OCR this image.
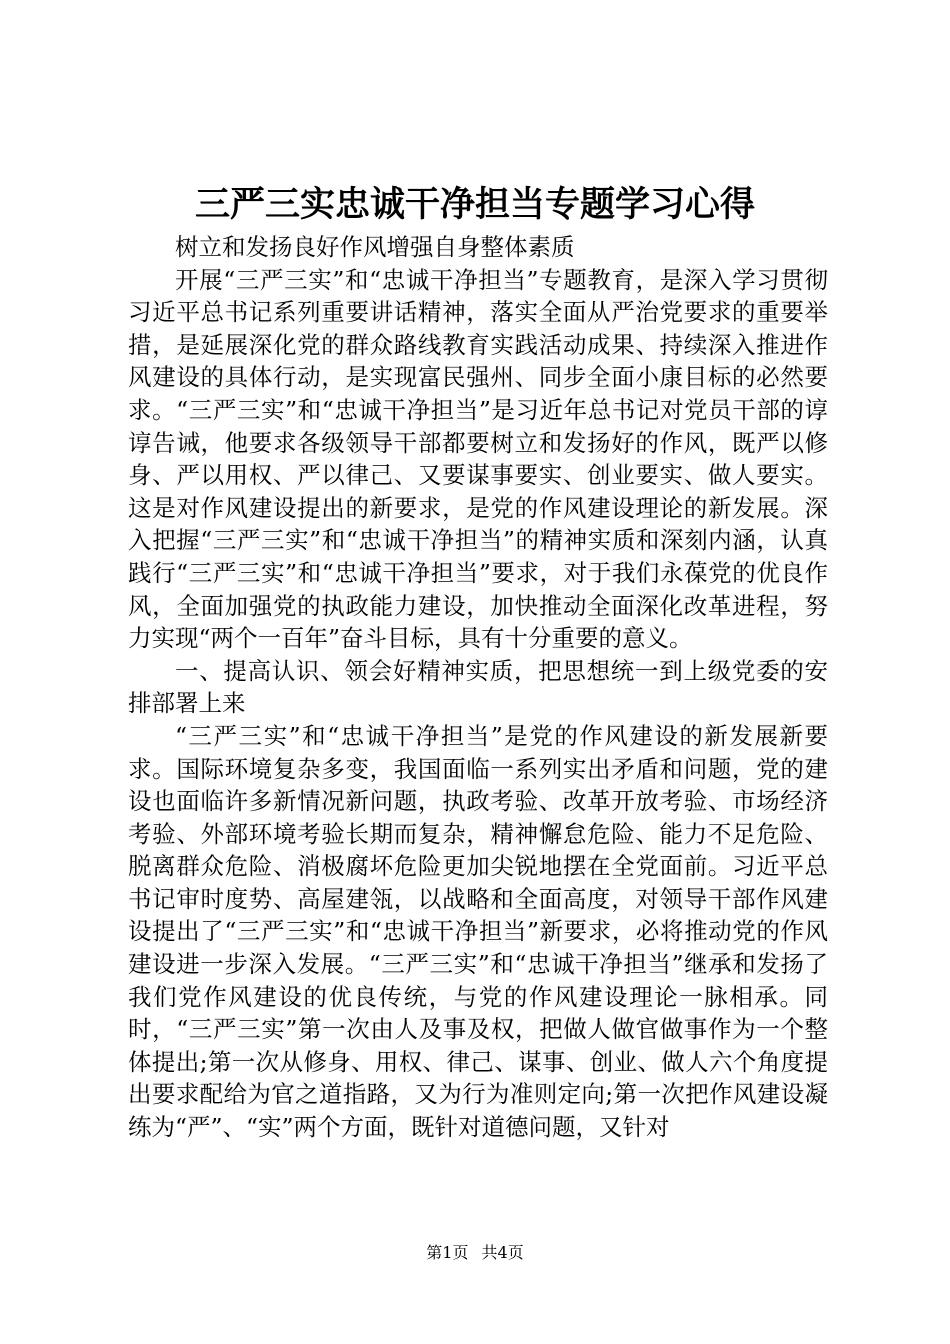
三严三实忠诚干净担当专题学习心得

树立和发扬良好作风增强自身整体素质

开展“三严三实”和“忠诚干净担当”专题教育，是深入学习贯彻习近平总书记系列重要讲话精神，落实全面从严治党要求的重要举措，是延展深化党的群众路线教育实践活动成果、持续深入推进作风建设的具体行动，是实现富民强州、同步全面小康目标的必然要求。“三严三实”和“忠诚干净担当”是习近年总书记对党员干部的谆谆告诫，他要求各级领导干部都要树立和发扬好的作风，既严以修身、严以用权、严以律己、又要谋事要实、创业要实、做人要实。这是对作风建设提出的新要求，是党的作风建设理论的新发展。深入把握“三严三实”和“忠诚干净担当”的精神实质和深刻内涵，认真践行“三严三实”和“忠诚干净担当”要求，对于我们永葆党的优良作风，全面加强党的执政能力建设，加快推动全面深化改革进程，努力实现“两个一百年”奋斗目标，具有十分重要的意义。

一、提高认识、领会好精神实质，把思想统一到上级党委的安排部署上来

“三严三实”和“忠诚干净担当”是党的作风建设的新发展新要求。国际环境复杂多变，我国面临一系列实出矛盾和问题，党的建设也面临许多新情况新问题，执政考验、改革开放考验、市场经济考验、外部环境考验长期而复杂，精神懈怠危险、能力不足危险、脱离群众危险、消极腐坏危险更加尖锐地摆在全党面前。习近平总书记审时度势、高屋建瓴，以战略和全面高度，对领导干部作风建设提出了“三严三实”和“忠诚干净担当”新要求，必将推动党的作风建设进一步深入发展。“三严三实”和“忠诚干净担当”继承和发扬了我们党作风建设的优良传统，与党的作风建设理论一脉相承。同时，“三严三实”第一次由人及事及权，把做人做官做事作为一个整体提出;第一次从修身、用权、律己、谋事、创业、做人六个角度提出要求配给为官之道指路，又为行为准则定向;第一次把作风建设凝练为“严”、“实”两个方面，既针对道德问题，又针对

第1页 共4页
